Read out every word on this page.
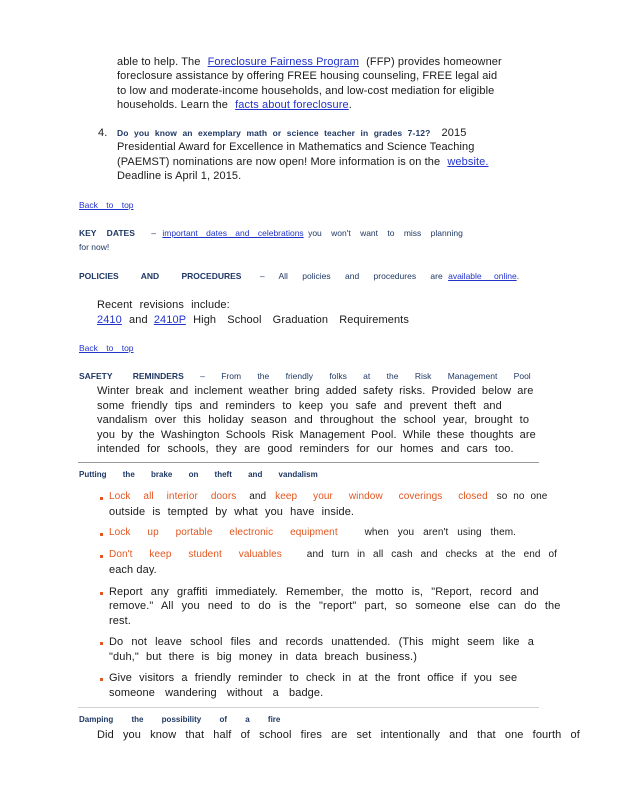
able to help. The Foreclosure Fairness Program (FFP) provides homeowner
foreclosure assistance by offering FREE housing counseling, FREE legal aid
to low and moderate-income households, and low-cost mediation for eligible
households. Learn the facts about foreclosure.
4. Do you know an exemplary math or science teacher in grades 7-12? 2015
Presidential Award for Excellence in Mathematics and Science Teaching
(PAEMST) nominations are now open! More information is on the website.
Deadline is April 1, 2015.
Back to top
KEY DATES – important dates and celebrations you won't want to miss planning
for now!
POLICIES AND PROCEDURES – All policies and procedures are available online.
Recent revisions include:
2410 and 2410P High School Graduation Requirements
Back to top
SAFETY REMINDERS – From the friendly folks at the Risk Management Pool
Winter break and inclement weather bring added safety risks. Provided below are
some friendly tips and reminders to keep you safe and prevent theft and
vandalism over this holiday season and throughout the school year, brought to
you by the Washington Schools Risk Management Pool. While these thoughts are
intended for schools, they are good reminders for our homes and cars too.
Putting the brake on theft and vandalism
Lock all interior doors and keep your window coverings closed so no one
outside is tempted by what you have inside.
Lock up portable electronic equipment	when you aren't using them.
Don't keep student valuables and turn in all cash and checks at the end of
each day.
Report any graffiti immediately. Remember, the motto is, "Report, record and
remove." All you need to do is the "report" part, so someone else can do the
rest.
Do not leave school files and records unattended. (This might seem like a
"duh," but there is big money in data breach business.)
Give visitors a friendly reminder to check in at the front office if you see
someone wandering without a badge.
Damping the possibility of a fire
Did you know that half of school fires are set intentionally and that one fourth of
